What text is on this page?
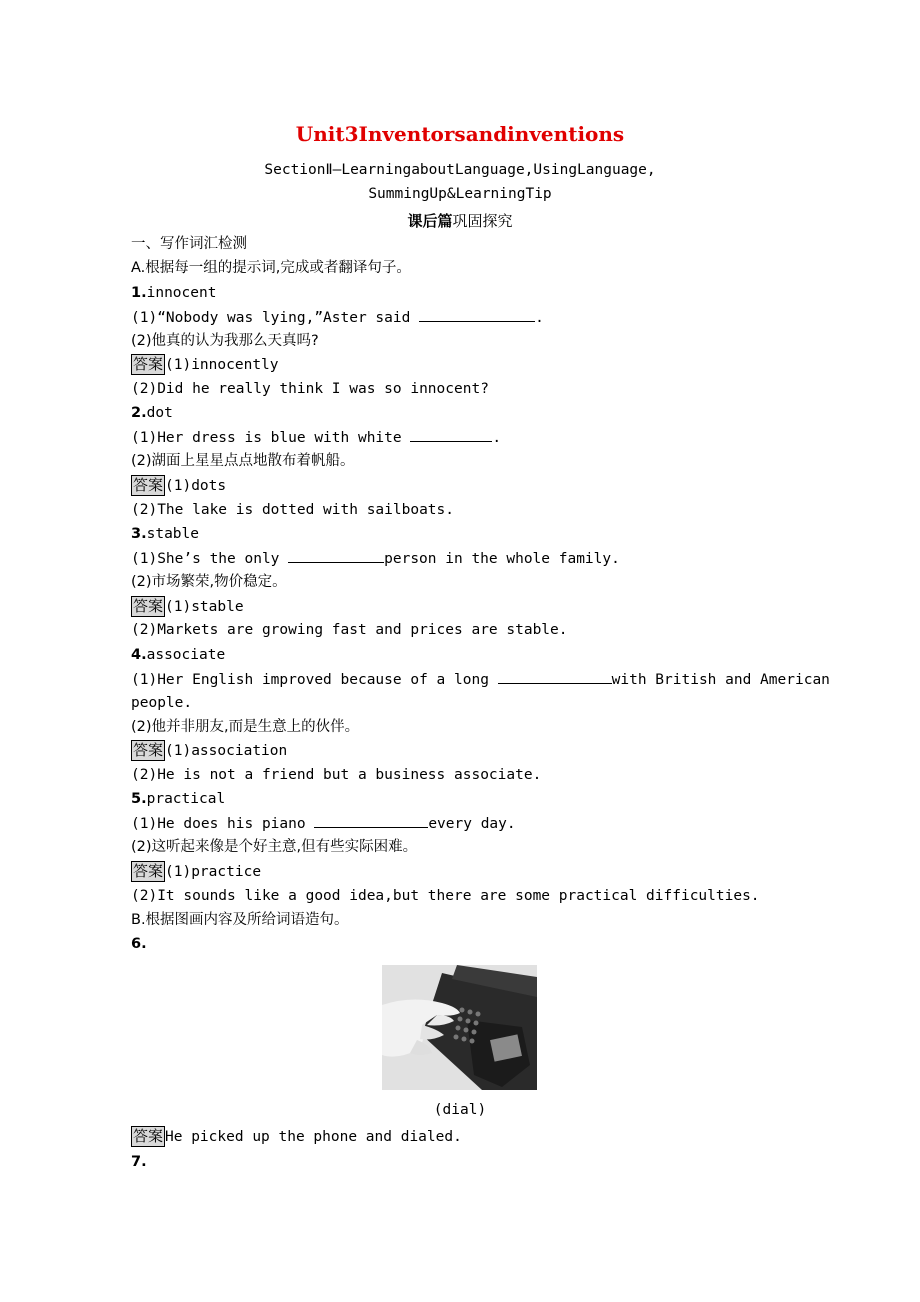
Unit3Inventorsandinventions
SectionⅡ—LearningaboutLanguage,UsingLanguage,
SummingUp&LearningTip
课后篇巩固探究
一、写作词汇检测
A.根据每一组的提示词,完成或者翻译句子。
1.innocent
(1)“Nobody was lying,”Aster said	.
(2)他真的认为我那么天真吗?
答案 (1)innocently
(2)Did he really think I was so innocent?
2.dot
(1)Her dress is blue with white	.
(2)湖面上星星点点地散布着帆船。
答案 (1)dots
(2)The lake is dotted with sailboats.
3.stable
(1)She’s the only	person in the whole family.
(2)市场繁荣,物价稳定。
答案 (1)stable
(2)Markets are growing fast and prices are stable.
4.associate
(1)Her English improved because of a long	with British and American
people.
(2)他并非朋友,而是生意上的伙伴。
答案 (1)association
(2)He is not a friend but a business associate.
5.practical
(1)He does his piano	every day.
(2)这听起来像是个好主意,但有些实际困难。
答案 (1)practice
(2)It sounds like a good idea,but there are some practical difficulties.
B.根据图画内容及所给词语造句。
6.
(dial)
答案 He picked up the phone and dialed.
7.
